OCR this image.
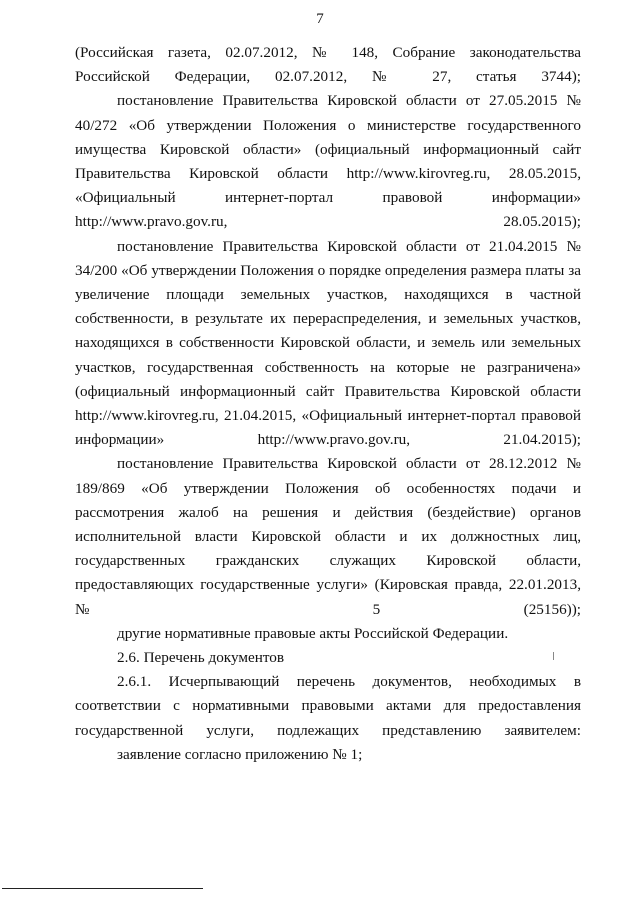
7

(Российская газета, 02.07.2012, № 148, Собрание законодательства Российской Федерации, 02.07.2012, № 27, статья 3744);

постановление Правительства Кировской области от 27.05.2015 № 40/272 «Об утверждении Положения о министерстве государственного имущества Кировской области» (официальный информационный сайт Правительства Кировской области http://www.kirovreg.ru, 28.05.2015, «Официальный интернет-портал правовой информации» http://www.pravo.gov.ru, 28.05.2015);

постановление Правительства Кировской области от 21.04.2015 № 34/200 «Об утверждении Положения о порядке определения размера платы за увеличение площади земельных участков, находящихся в частной собственности, в результате их перераспределения, и земельных участков, находящихся в собственности Кировской области, и земель или земельных участков, государственная собственность на которые не разграничена» (официальный информационный сайт Правительства Кировской области http://www.kirovreg.ru, 21.04.2015, «Официальный интернет-портал правовой информации» http://www.pravo.gov.ru, 21.04.2015);

постановление Правительства Кировской области от 28.12.2012 № 189/869 «Об утверждении Положения об особенностях подачи и рассмотрения жалоб на решения и действия (бездействие) органов исполнительной власти Кировской области и их должностных лиц, государственных гражданских служащих Кировской области, предоставляющих государственные услуги» (Кировская правда, 22.01.2013, № 5 (25156));

другие нормативные правовые акты Российской Федерации.

2.6. Перечень документов

2.6.1. Исчерпывающий перечень документов, необходимых в соответствии с нормативными правовыми актами для предоставления государственной услуги, подлежащих представлению заявителем:

заявление согласно приложению № 1;
